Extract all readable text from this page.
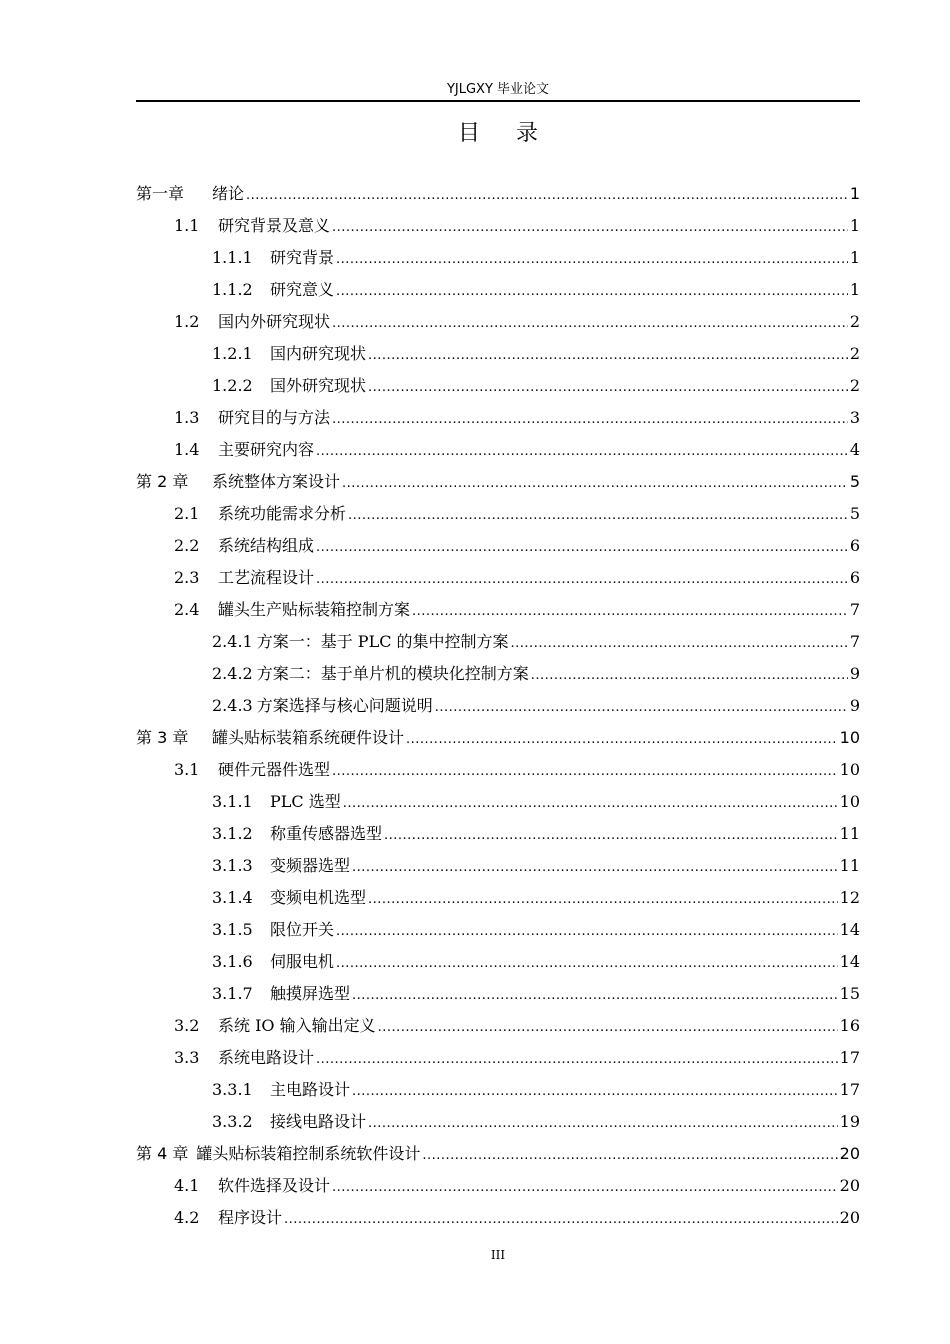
YJLGXY 毕业论文
目录
第一章	绪论 .....	1
1.1	研究背景及意义 .....	1
1.1.1	研究背景 .....	1
1.1.2	研究意义 .....	1
1.2	国内外研究现状 .....	2
1.2.1	国内研究现状 .....	2
1.2.2	国外研究现状 .....	2
1.3	研究目的与方法 .....	3
1.4	主要研究内容 .....	4
第 2 章	系统整体方案设计 .....	5
2.1	系统功能需求分析 .....	5
2.2	系统结构组成 .....	6
2.3	工艺流程设计 .....	6
2.4	罐头生产贴标装箱控制方案 .....	7
2.4.1 方案一：基于 PLC 的集中控制方案 .....	7
2.4.2 方案二：基于单片机的模块化控制方案 .....	9
2.4.3 方案选择与核心问题说明 .....	9
第 3 章	罐头贴标装箱系统硬件设计 .....	10
3.1	硬件元器件选型 .....	10
3.1.1	PLC 选型 .....	10
3.1.2	称重传感器选型 .....	11
3.1.3	变频器选型 .....	11
3.1.4	变频电机选型 .....	12
3.1.5	限位开关 .....	14
3.1.6	伺服电机 .....	14
3.1.7	触摸屏选型 .....	15
3.2	系统 IO 输入输出定义 .....	16
3.3	系统电路设计 .....	17
3.3.1	主电路设计 .....	17
3.3.2	接线电路设计 .....	19
第 4 章 罐头贴标装箱控制系统软件设计 .....	20
4.1	软件选择及设计 .....	20
4.2	程序设计 .....	20
III
